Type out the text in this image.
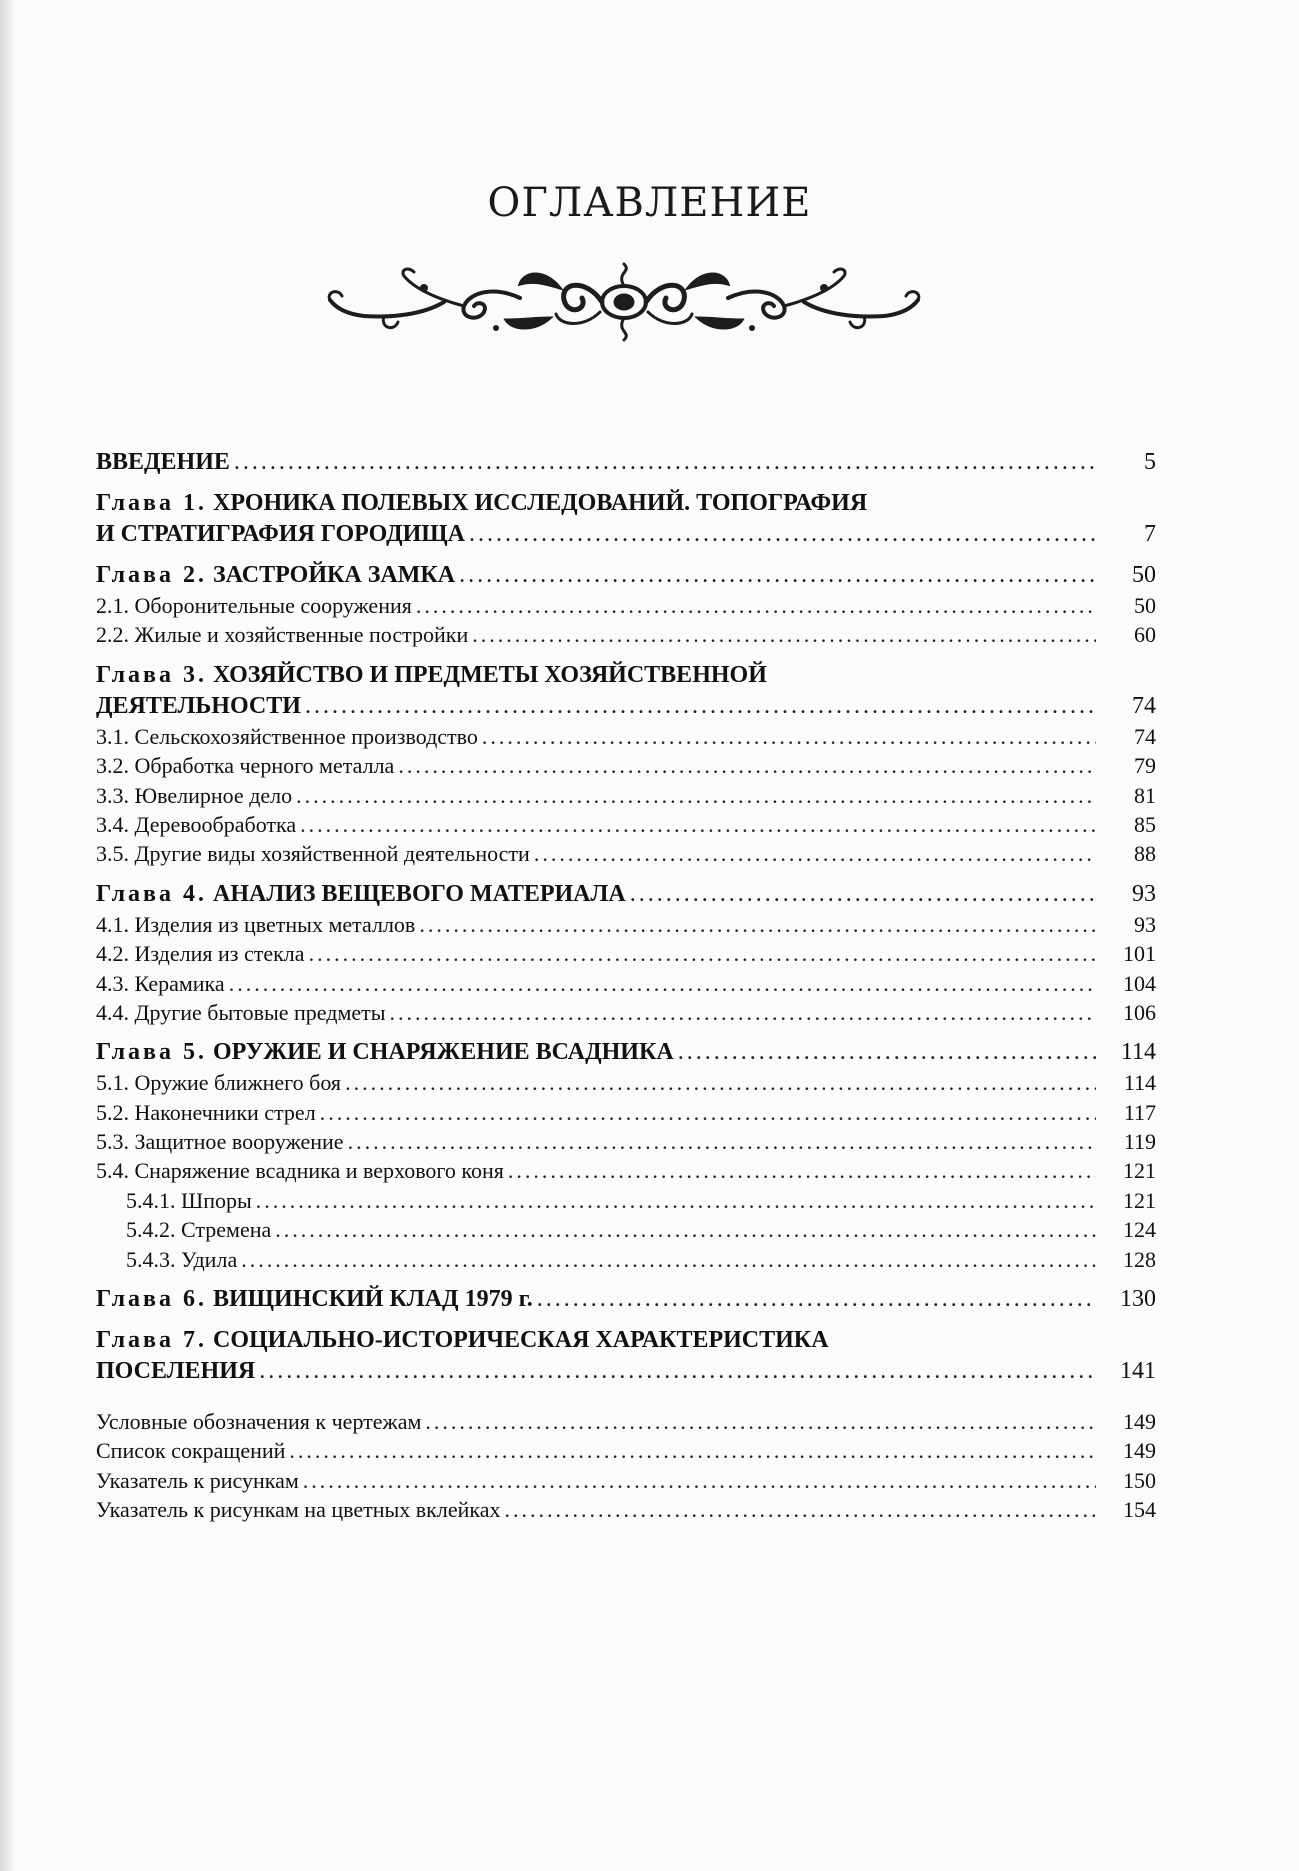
ОГЛАВЛЕНИЕ
ВВЕДЕНИЕ .....	5
Глава 1. ХРОНИКА ПОЛЕВЫХ ИССЛЕДОВАНИЙ. ТОПОГРАФИЯ
И СТРАТИГРАФИЯ ГОРОДИЩА .....	7
Глава 2. ЗАСТРОЙКА ЗАМКА .....	50
2.1. Оборонительные сооружения .....	50
2.2. Жилые и хозяйственные постройки .....	60
Глава 3. ХОЗЯЙСТВО И ПРЕДМЕТЫ ХОЗЯЙСТВЕННОЙ
ДЕЯТЕЛЬНОСТИ .....	74
3.1. Сельскохозяйственное производство .....	74
3.2. Обработка черного металла .....	79
3.3. Ювелирное дело .....	81
3.4. Деревообработка .....	85
3.5. Другие виды хозяйственной деятельности .....	88
Глава 4. АНАЛИЗ ВЕЩЕВОГО МАТЕРИАЛА .....	93
4.1. Изделия из цветных металлов .....	93
4.2. Изделия из стекла .....	101
4.3. Керамика .....	104
4.4. Другие бытовые предметы .....	106
Глава 5. ОРУЖИЕ И СНАРЯЖЕНИЕ ВСАДНИКА .....	114
5.1. Оружие ближнего боя .....	114
5.2. Наконечники стрел .....	117
5.3. Защитное вооружение .....	119
5.4. Снаряжение всадника и верхового коня .....	121
5.4.1. Шпоры .....	121
5.4.2. Стремена .....	124
5.4.3. Удила .....	128
Глава 6. ВИЩИНСКИЙ КЛАД 1979 г. .....	130
Глава 7. СОЦИАЛЬНО-ИСТОРИЧЕСКАЯ ХАРАКТЕРИСТИКА
ПОСЕЛЕНИЯ .....	141
Условные обозначения к чертежам .....	149
Список сокращений .....	149
Указатель к рисункам .....	150
Указатель к рисункам на цветных вклейках .....	154
